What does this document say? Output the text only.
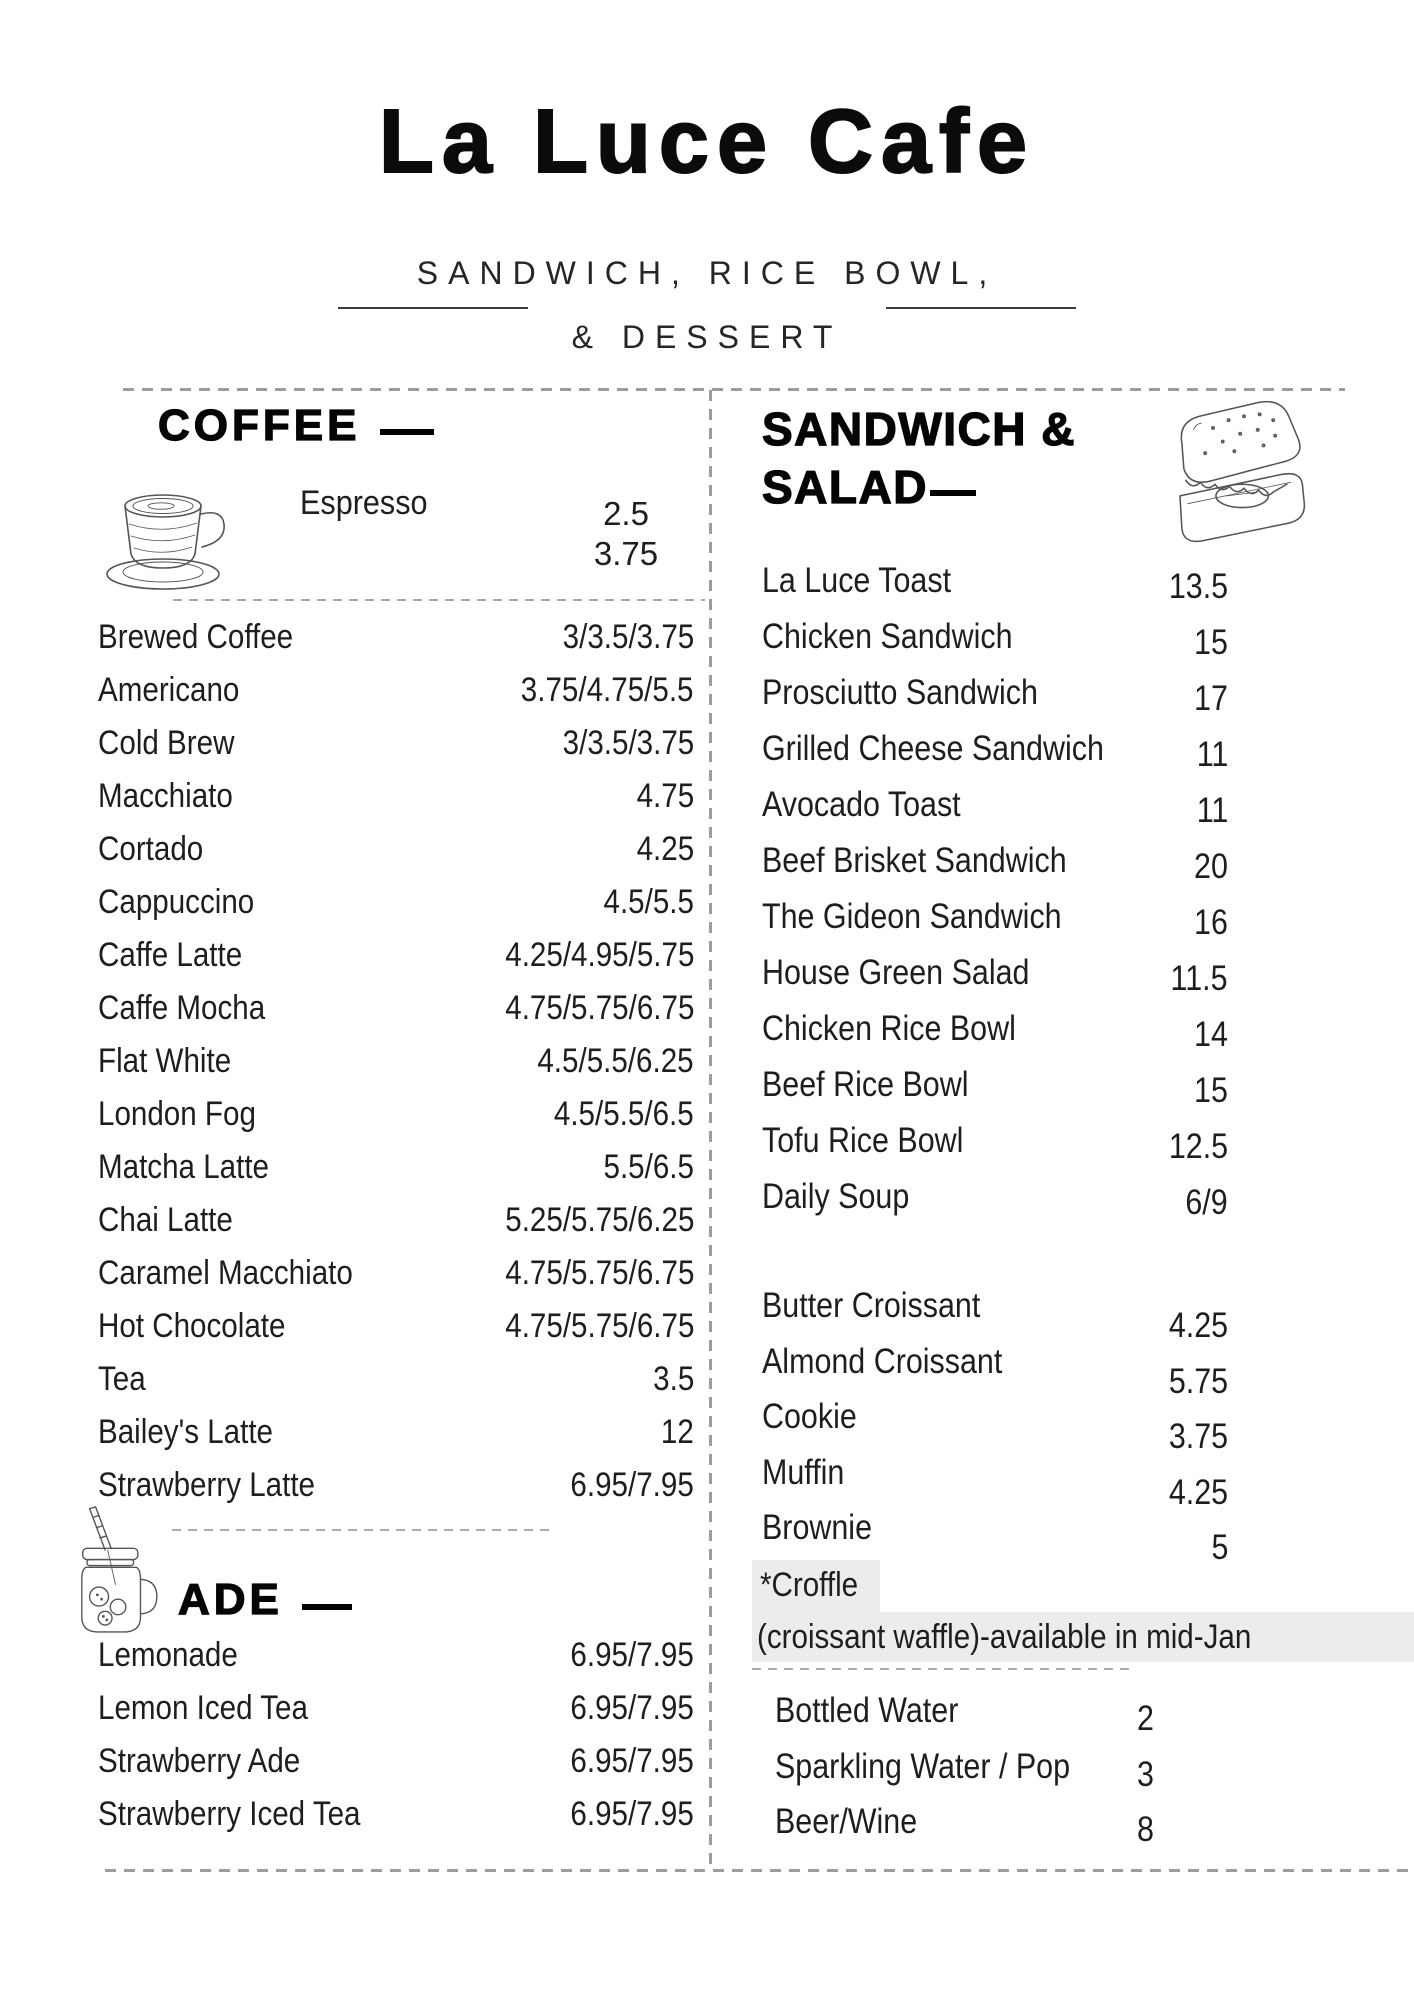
La Luce Cafe
SANDWICH, RICE BOWL,
& DESSERT
COFFEE
Espresso	2.5
3.75
Brewed Coffee	3/3.5/3.75
Americano	3.75/4.75/5.5
Cold Brew	3/3.5/3.75
Macchiato	4.75
Cortado	4.25
Cappuccino	4.5/5.5
Caffe Latte	4.25/4.95/5.75
Caffe Mocha	4.75/5.75/6.75
Flat White	4.5/5.5/6.25
London Fog	4.5/5.5/6.5
Matcha Latte	5.5/6.5
Chai Latte	5.25/5.75/6.25
Caramel Macchiato	4.75/5.75/6.75
Hot Chocolate	4.75/5.75/6.75
Tea	3.5
Bailey's Latte	12
Strawberry Latte	6.95/7.95
ADE
Lemonade	6.95/7.95
Lemon Iced Tea	6.95/7.95
Strawberry Ade	6.95/7.95
Strawberry Iced Tea	6.95/7.95
SANDWICH &
SALAD
La Luce Toast	13.5
Chicken Sandwich	15
Prosciutto Sandwich	17
Grilled Cheese Sandwich	11
Avocado Toast	11
Beef Brisket Sandwich	20
The Gideon Sandwich	16
House Green Salad	11.5
Chicken Rice Bowl	14
Beef Rice Bowl	15
Tofu Rice Bowl	12.5
Daily Soup	6/9
Butter Croissant
4.25
Almond Croissant
5.75
Cookie
3.75
Muffin
4.25
Brownie
5
*Croffle
(croissant waffle)-available in mid-Jan
Bottled Water	2
Sparkling Water / Pop 3
Beer/Wine	8
